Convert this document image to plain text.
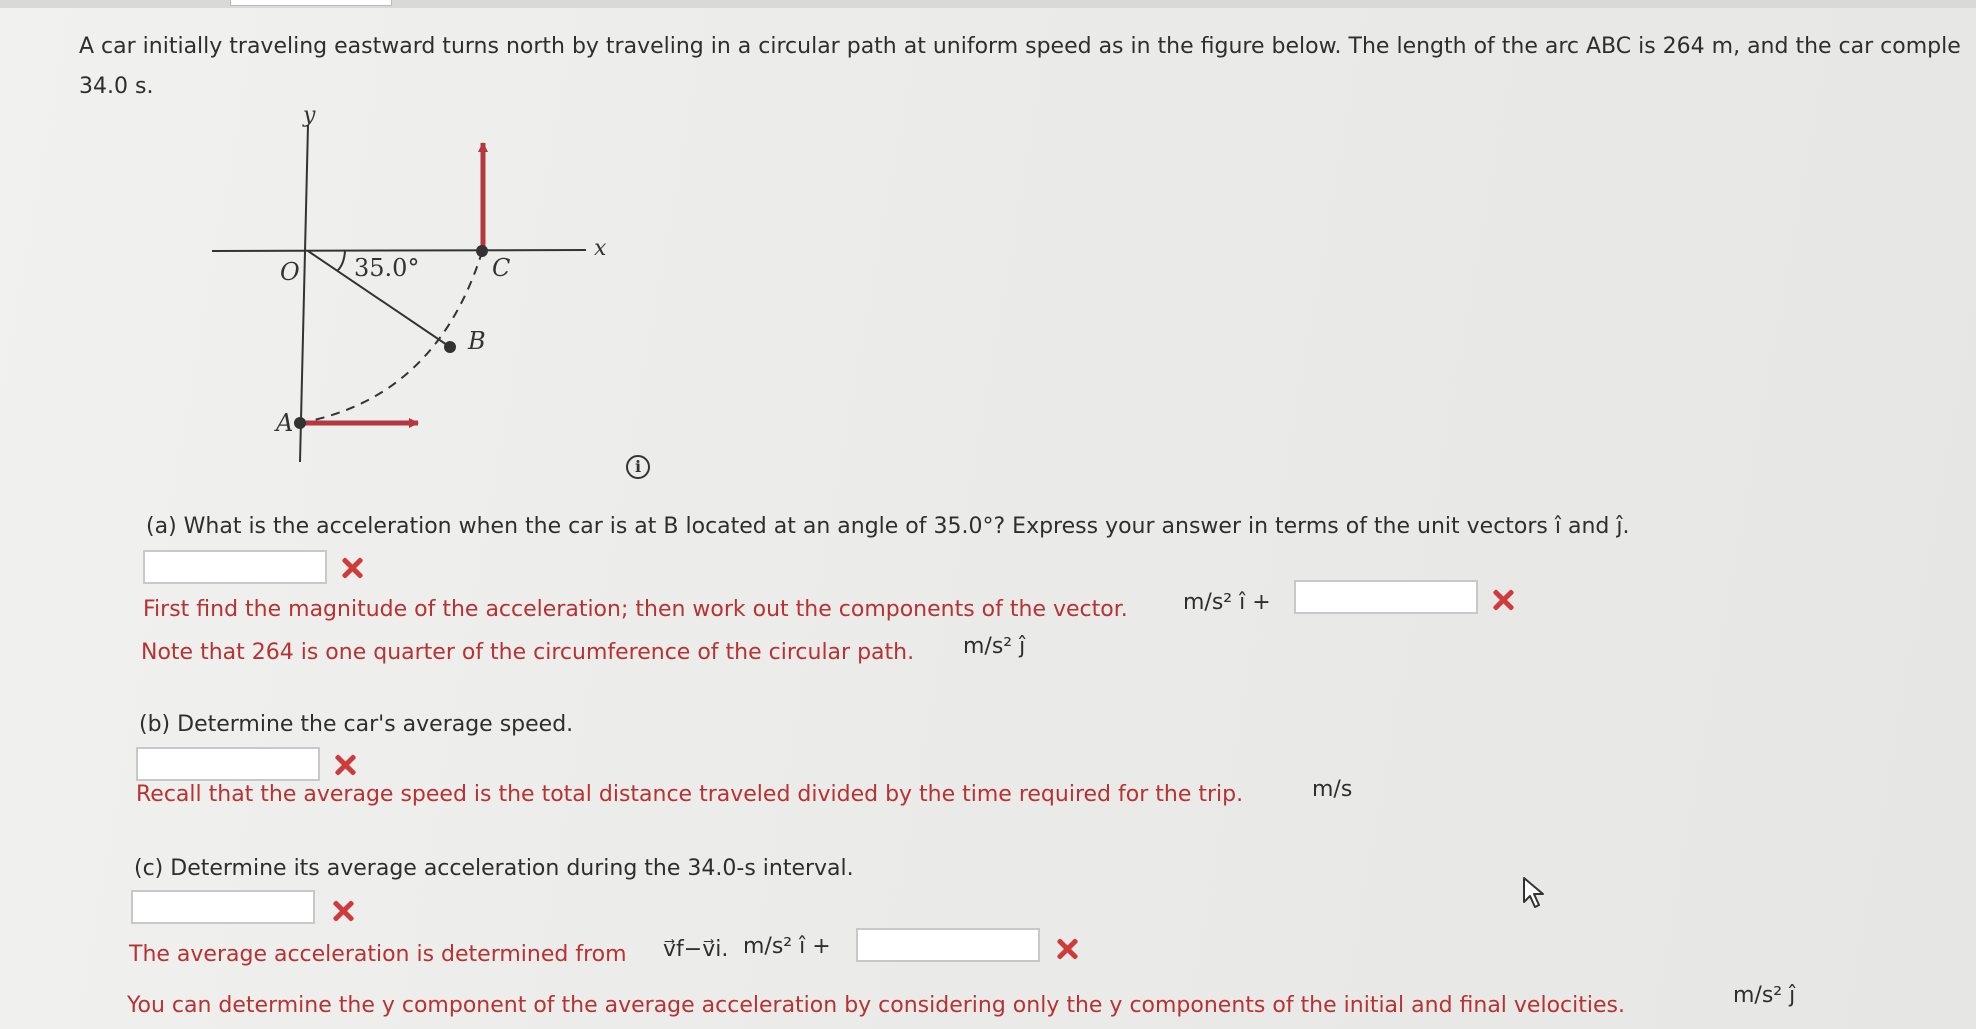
A car initially traveling eastward turns north by traveling in a circular path at uniform speed as in the figure below. The length of the arc ABC is 264 m, and the car comple
34.0 s.
y
x
O 35.0°	C
B
A
i
(a) What is the acceleration when the car is at B located at an angle of 35.0°? Express your answer in terms of the unit vectors î and ĵ.
First find the magnitude of the acceleration; then work out the components of the vector.	m/s² î +
Note that 264 is one quarter of the circumference of the circular path. m/s² ĵ
(b) Determine the car's average speed.
Recall that the average speed is the total distance traveled divided by the time required for the trip.	m/s
(c) Determine its average acceleration during the 34.0-s interval.
The average acceleration is determined from v⃗f−v⃗i. m/s² î +
You can determine the y component of the average acceleration by considering only the y components of the initial and final velocities.	m/s² ĵ
